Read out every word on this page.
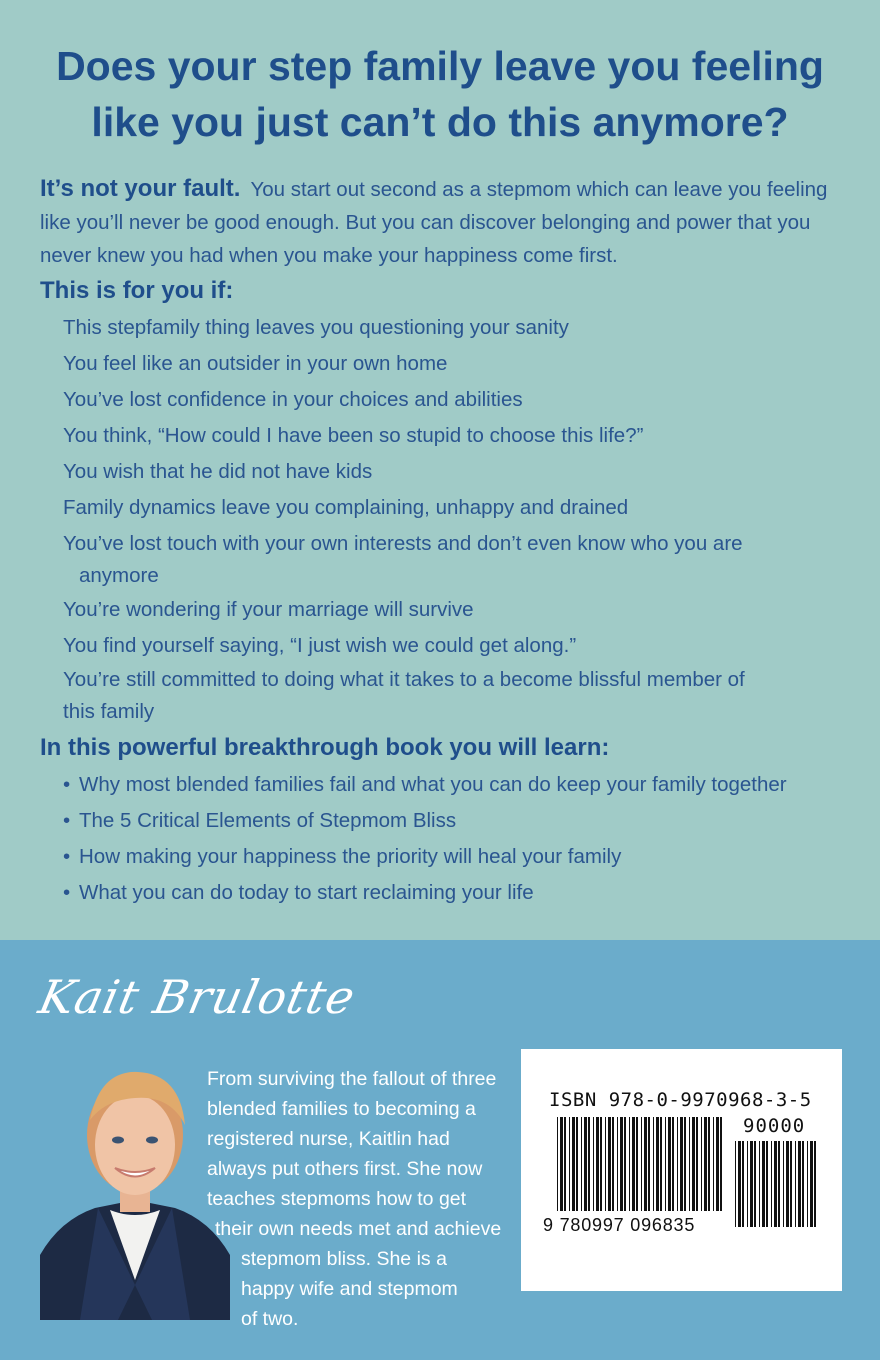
Does your step family leave you feeling
like you just can’t do this anymore?

It’s not your fault. You start out second as a stepmom which can leave you feeling like you’ll never be good enough. But you can discover belonging and power that you never knew you had when you make your happiness come first.

This is for you if:
This stepfamily thing leaves you questioning your sanity
You feel like an outsider in your own home
You’ve lost confidence in your choices and abilities
You think, “How could I have been so stupid to choose this life?”
You wish that he did not have kids
Family dynamics leave you complaining, unhappy and drained
You’ve lost touch with your own interests and don’t even know who you are
anymore
You’re wondering if your marriage will survive
You find yourself saying, “I just wish we could get along.”
You’re still committed to doing what it takes to a become blissful member of
this family
In this powerful breakthrough book you will learn:
• Why most blended families fail and what you can do keep your family together
• The 5 Critical Elements of Stepmom Bliss
• How making your happiness the priority will heal your family
• What you can do today to start reclaiming your life

Kait Brulotte

From surviving the fallout of three
blended families to becoming a
registered nurse, Kaitlin had
always put others first. She now
teaches stepmoms how to get
their own needs met and achieve
stepmom bliss. She is a
happy wife and stepmom
of two.

ISBN 978-0-9970968-3-5

90000

9 780997 096835
